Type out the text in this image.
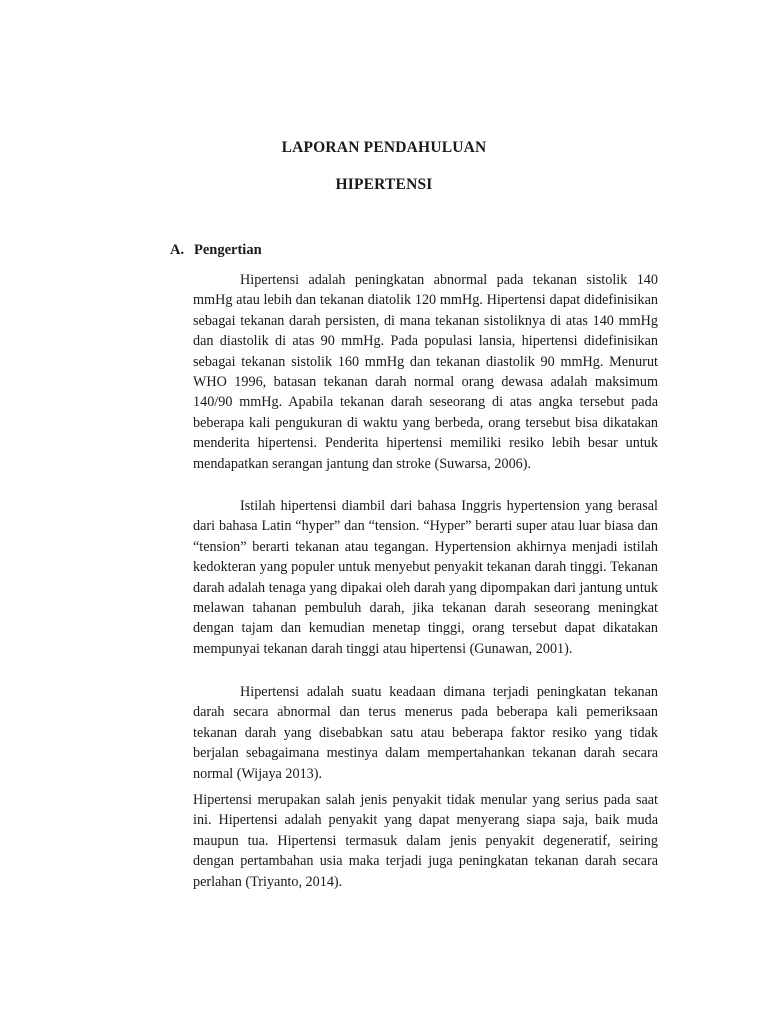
LAPORAN PENDAHULUAN
HIPERTENSI
A. Pengertian

Hipertensi adalah peningkatan abnormal pada tekanan sistolik 140 mmHg atau lebih dan tekanan diatolik 120 mmHg. Hipertensi dapat didefinisikan sebagai tekanan darah persisten, di mana tekanan sistoliknya di atas 140 mmHg dan diastolik di atas 90 mmHg. Pada populasi lansia, hipertensi didefinisikan sebagai tekanan sistolik 160 mmHg dan tekanan diastolik 90 mmHg. Menurut WHO 1996, batasan tekanan darah normal orang dewasa adalah maksimum 140/90 mmHg. Apabila tekanan darah seseorang di atas angka tersebut pada beberapa kali pengukuran di waktu yang berbeda, orang tersebut bisa dikatakan menderita hipertensi. Penderita hipertensi memiliki resiko lebih besar untuk mendapatkan serangan jantung dan stroke (Suwarsa, 2006).

Istilah hipertensi diambil dari bahasa Inggris hypertension yang berasal dari bahasa Latin “hyper” dan “tension. “Hyper” berarti super atau luar biasa dan “tension” berarti tekanan atau tegangan. Hypertension akhirnya menjadi istilah kedokteran yang populer untuk menyebut penyakit tekanan darah tinggi. Tekanan darah adalah tenaga yang dipakai oleh darah yang dipompakan dari jantung untuk melawan tahanan pembuluh darah, jika tekanan darah seseorang meningkat dengan tajam dan kemudian menetap tinggi, orang tersebut dapat dikatakan mempunyai tekanan darah tinggi atau hipertensi (Gunawan, 2001).

Hipertensi adalah suatu keadaan dimana terjadi peningkatan tekanan darah secara abnormal dan terus menerus pada beberapa kali pemeriksaan tekanan darah yang disebabkan satu atau beberapa faktor resiko yang tidak berjalan sebagaimana mestinya dalam mempertahankan tekanan darah secara normal (Wijaya 2013).

Hipertensi merupakan salah jenis penyakit tidak menular yang serius pada saat ini. Hipertensi adalah penyakit yang dapat menyerang siapa saja, baik muda maupun tua. Hipertensi termasuk dalam jenis penyakit degeneratif, seiring dengan pertambahan usia maka terjadi juga peningkatan tekanan darah secara perlahan (Triyanto, 2014).
